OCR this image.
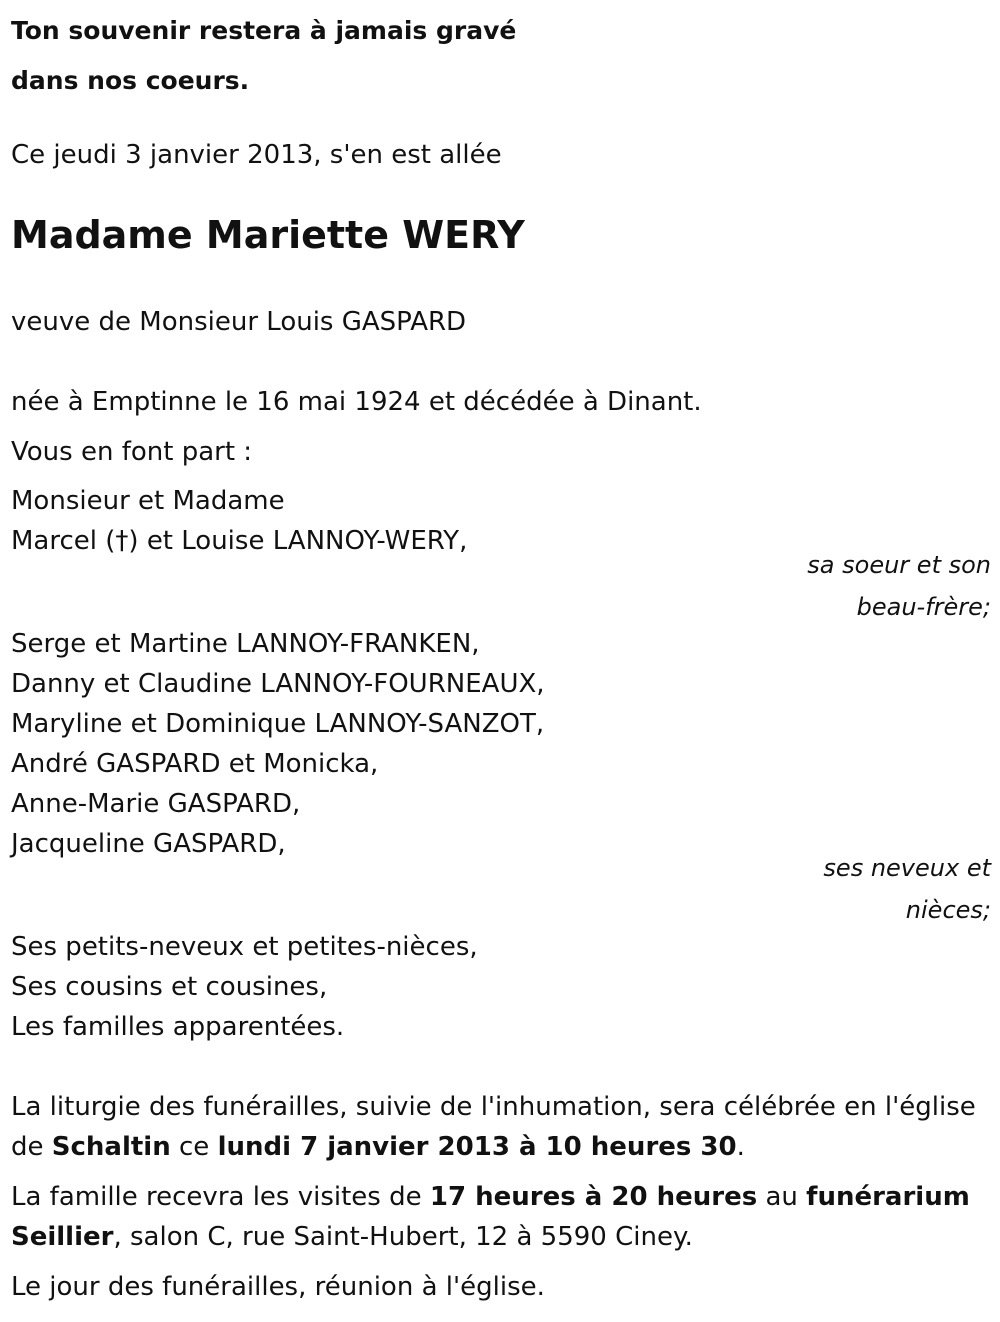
Ton souvenir restera à jamais gravé
dans nos coeurs.
Ce jeudi 3 janvier 2013, s'en est allée
Madame Mariette WERY
veuve de Monsieur Louis GASPARD
née à Emptinne le 16 mai 1924 et décédée à Dinant.
Vous en font part :
Monsieur et Madame
Marcel (†) et Louise LANNOY-WERY,
sa soeur et son
beau-frère;
Serge et Martine LANNOY-FRANKEN,
Danny et Claudine LANNOY-FOURNEAUX,
Maryline et Dominique LANNOY-SANZOT,
André GASPARD et Monicka,
Anne-Marie GASPARD,
Jacqueline GASPARD,
ses neveux et
nièces;
Ses petits-neveux et petites-nièces,
Ses cousins et cousines,
Les familles apparentées.
La liturgie des funérailles, suivie de l'inhumation, sera célébrée en l'église de Schaltin ce lundi 7 janvier 2013 à 10 heures 30.
La famille recevra les visites de 17 heures à 20 heures au funérarium Seillier, salon C, rue Saint-Hubert, 12 à 5590 Ciney.
Le jour des funérailles, réunion à l'église.
